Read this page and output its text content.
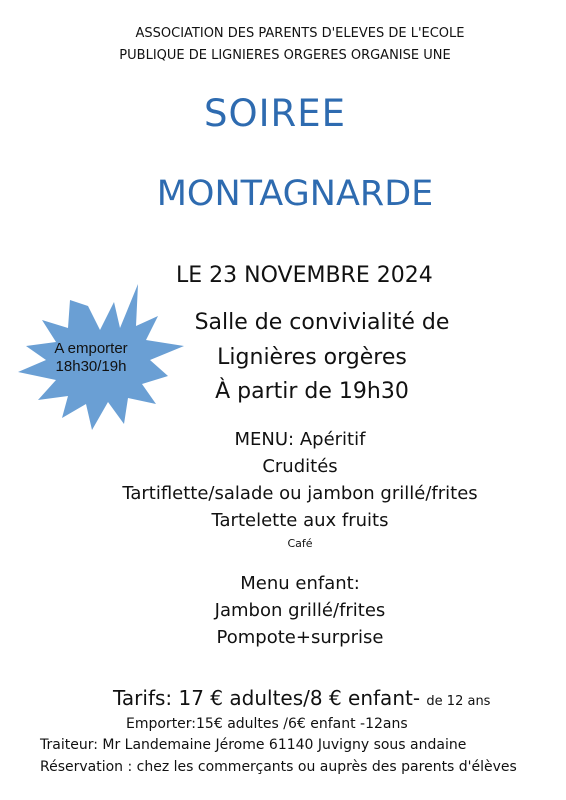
ASSOCIATION DES PARENTS D'ELEVES DE L'ECOLE
PUBLIQUE DE LIGNIERES ORGERES ORGANISE UNE
SOIREE
MONTAGNARDE
LE 23 NOVEMBRE 2024
Salle de convivialité de
Lignières orgères
À partir de 19h30
A emporter
18h30/19h
MENU: Apéritif
Crudités
Tartiflette/salade ou jambon grillé/frites
Tartelette aux fruits
Café
Menu enfant:
Jambon grillé/frites
Pompote+surprise
Tarifs: 17 € adultes/8 € enfant- de 12 ans
Emporter:15€ adultes /6€ enfant -12ans
Traiteur: Mr Landemaine Jérome 61140 Juvigny sous andaine
Réservation : chez les commerçants ou auprès des parents d'élèves
